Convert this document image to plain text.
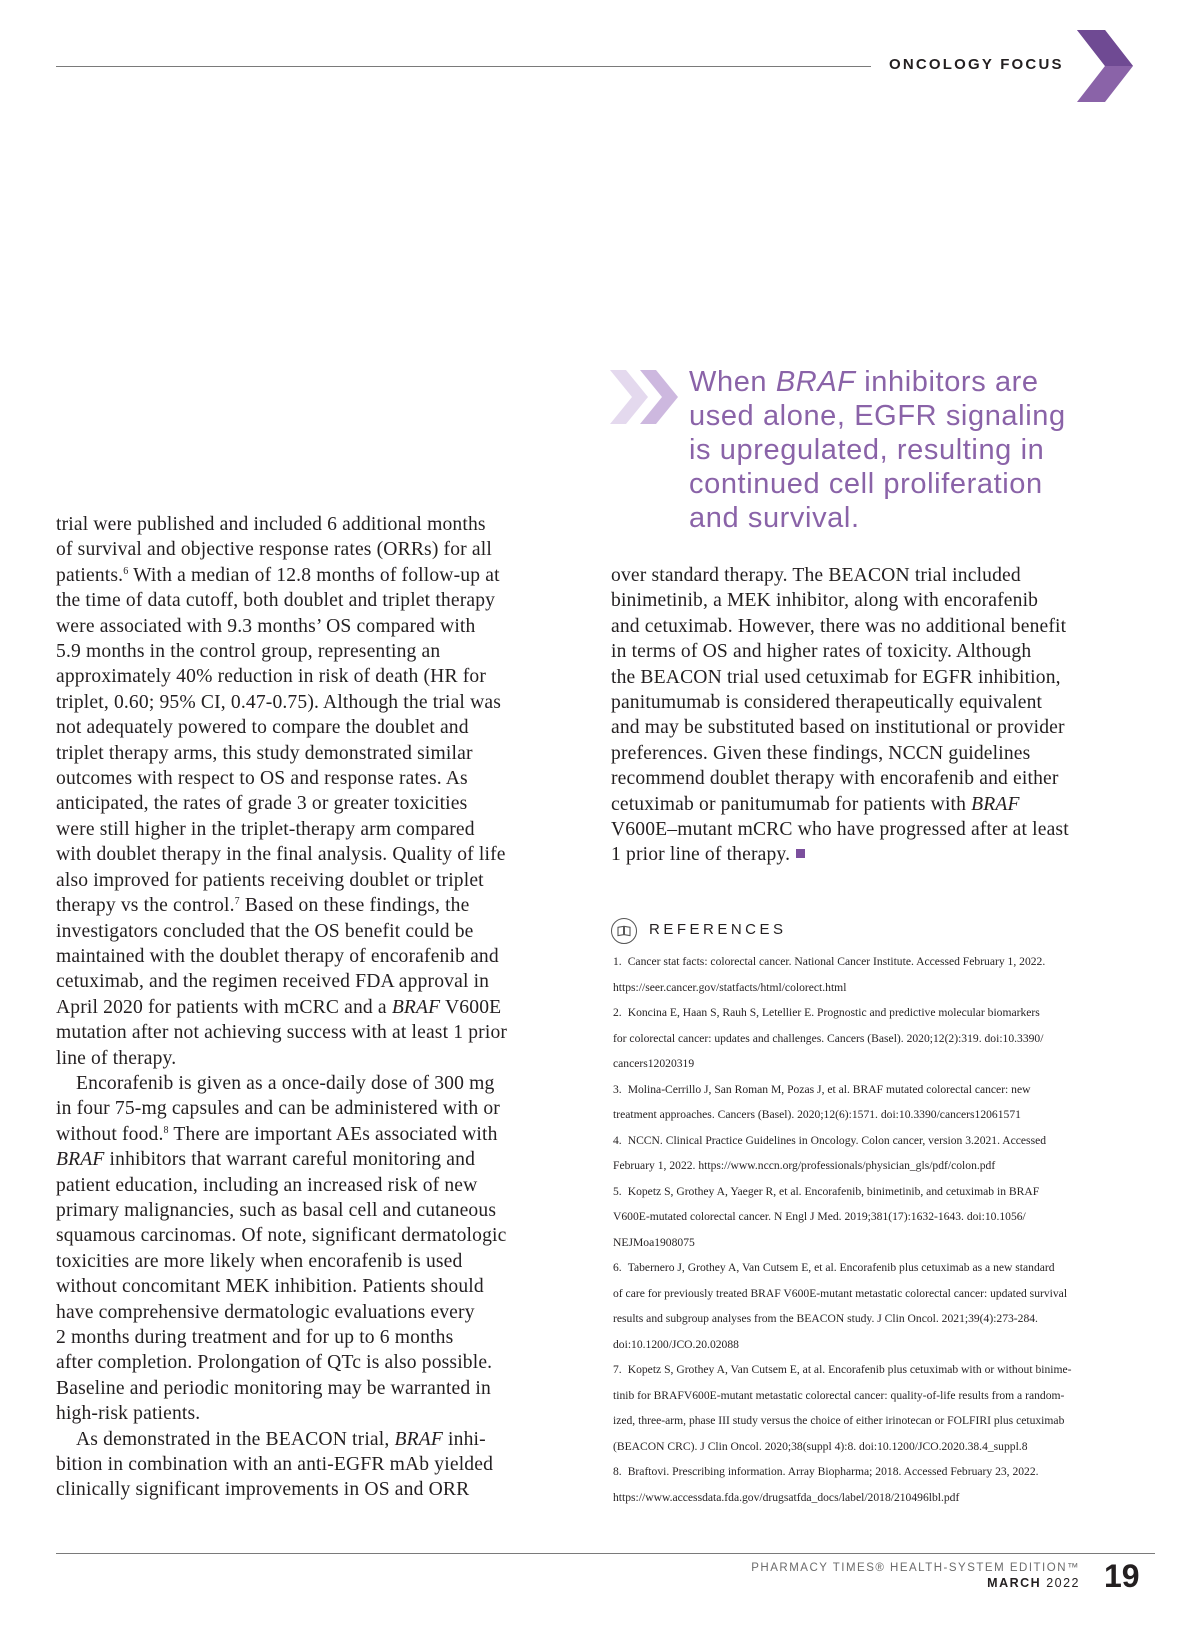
ONCOLOGY FOCUS
When BRAF inhibitors are
used alone, EGFR signaling
is upregulated, resulting in
continued cell proliferation
and survival.
trial were published and included 6 additional months
of survival and objective response rates (ORRs) for all
patients.$^6$ With a median of 12.8 months of follow-up at
the time of data cutoff, both doublet and triplet therapy
were associated with 9.3 months’ OS compared with
5.9 months in the control group, representing an
approximately 40% reduction in risk of death (HR for
triplet, 0.60; 95% CI, 0.47-0.75). Although the trial was
not adequately powered to compare the doublet and
triplet therapy arms, this study demonstrated similar
outcomes with respect to OS and response rates. As
anticipated, the rates of grade 3 or greater toxicities
were still higher in the triplet-therapy arm compared
with doublet therapy in the final analysis. Quality of life
also improved for patients receiving doublet or triplet
therapy vs the control.$^7$ Based on these findings, the
investigators concluded that the OS benefit could be
maintained with the doublet therapy of encorafenib and
cetuximab, and the regimen received FDA approval in
April 2020 for patients with mCRC and a BRAF V600E
mutation after not achieving success with at least 1 prior
line of therapy.
Encorafenib is given as a once-daily dose of 300 mg
in four 75-mg capsules and can be administered with or
without food.$^8$ There are important AEs associated with
BRAF inhibitors that warrant careful monitoring and
patient education, including an increased risk of new
primary malignancies, such as basal cell and cutaneous
squamous carcinomas. Of note, significant dermatologic
toxicities are more likely when encorafenib is used
without concomitant MEK inhibition. Patients should
have comprehensive dermatologic evaluations every
2 months during treatment and for up to 6 months
after completion. Prolongation of QTc is also possible.
Baseline and periodic monitoring may be warranted in
high-risk patients.
As demonstrated in the BEACON trial, BRAF inhi-
bition in combination with an anti-EGFR mAb yielded
clinically significant improvements in OS and ORR
over standard therapy. The BEACON trial included
binimetinib, a MEK inhibitor, along with encorafenib
and cetuximab. However, there was no additional benefit
in terms of OS and higher rates of toxicity. Although
the BEACON trial used cetuximab for EGFR inhibition,
panitumumab is considered therapeutically equivalent
and may be substituted based on institutional or provider
preferences. Given these findings, NCCN guidelines
recommend doublet therapy with encorafenib and either
cetuximab or panitumumab for patients with BRAF
V600E–mutant mCRC who have progressed after at least
1 prior line of therapy.
REFERENCES
1. Cancer stat facts: colorectal cancer. National Cancer Institute. Accessed February 1, 2022.
https://seer.cancer.gov/statfacts/html/colorect.html
2. Koncina E, Haan S, Rauh S, Letellier E. Prognostic and predictive molecular biomarkers
for colorectal cancer: updates and challenges. Cancers (Basel). 2020;12(2):319. doi:10.3390/
cancers12020319
3. Molina-Cerrillo J, San Roman M, Pozas J, et al. BRAF mutated colorectal cancer: new
treatment approaches. Cancers (Basel). 2020;12(6):1571. doi:10.3390/cancers12061571
4. NCCN. Clinical Practice Guidelines in Oncology. Colon cancer, version 3.2021. Accessed
February 1, 2022. https://www.nccn.org/professionals/physician_gls/pdf/colon.pdf
5. Kopetz S, Grothey A, Yaeger R, et al. Encorafenib, binimetinib, and cetuximab in BRAF
V600E-mutated colorectal cancer. N Engl J Med. 2019;381(17):1632-1643. doi:10.1056/
NEJMoa1908075
6. Tabernero J, Grothey A, Van Cutsem E, et al. Encorafenib plus cetuximab as a new standard
of care for previously treated BRAF V600E-mutant metastatic colorectal cancer: updated survival
results and subgroup analyses from the BEACON study. J Clin Oncol. 2021;39(4):273-284.
doi:10.1200/JCO.20.02088
7. Kopetz S, Grothey A, Van Cutsem E, at al. Encorafenib plus cetuximab with or without binime-
tinib for BRAFV600E-mutant metastatic colorectal cancer: quality-of-life results from a random-
ized, three-arm, phase III study versus the choice of either irinotecan or FOLFIRI plus cetuximab
(BEACON CRC). J Clin Oncol. 2020;38(suppl 4):8. doi:10.1200/JCO.2020.38.4_suppl.8
8. Braftovi. Prescribing information. Array Biopharma; 2018. Accessed February 23, 2022.
https://www.accessdata.fda.gov/drugsatfda_docs/label/2018/210496lbl.pdf
PHARMACY TIMES® HEALTH-SYSTEM EDITION™
MARCH 2022 19
